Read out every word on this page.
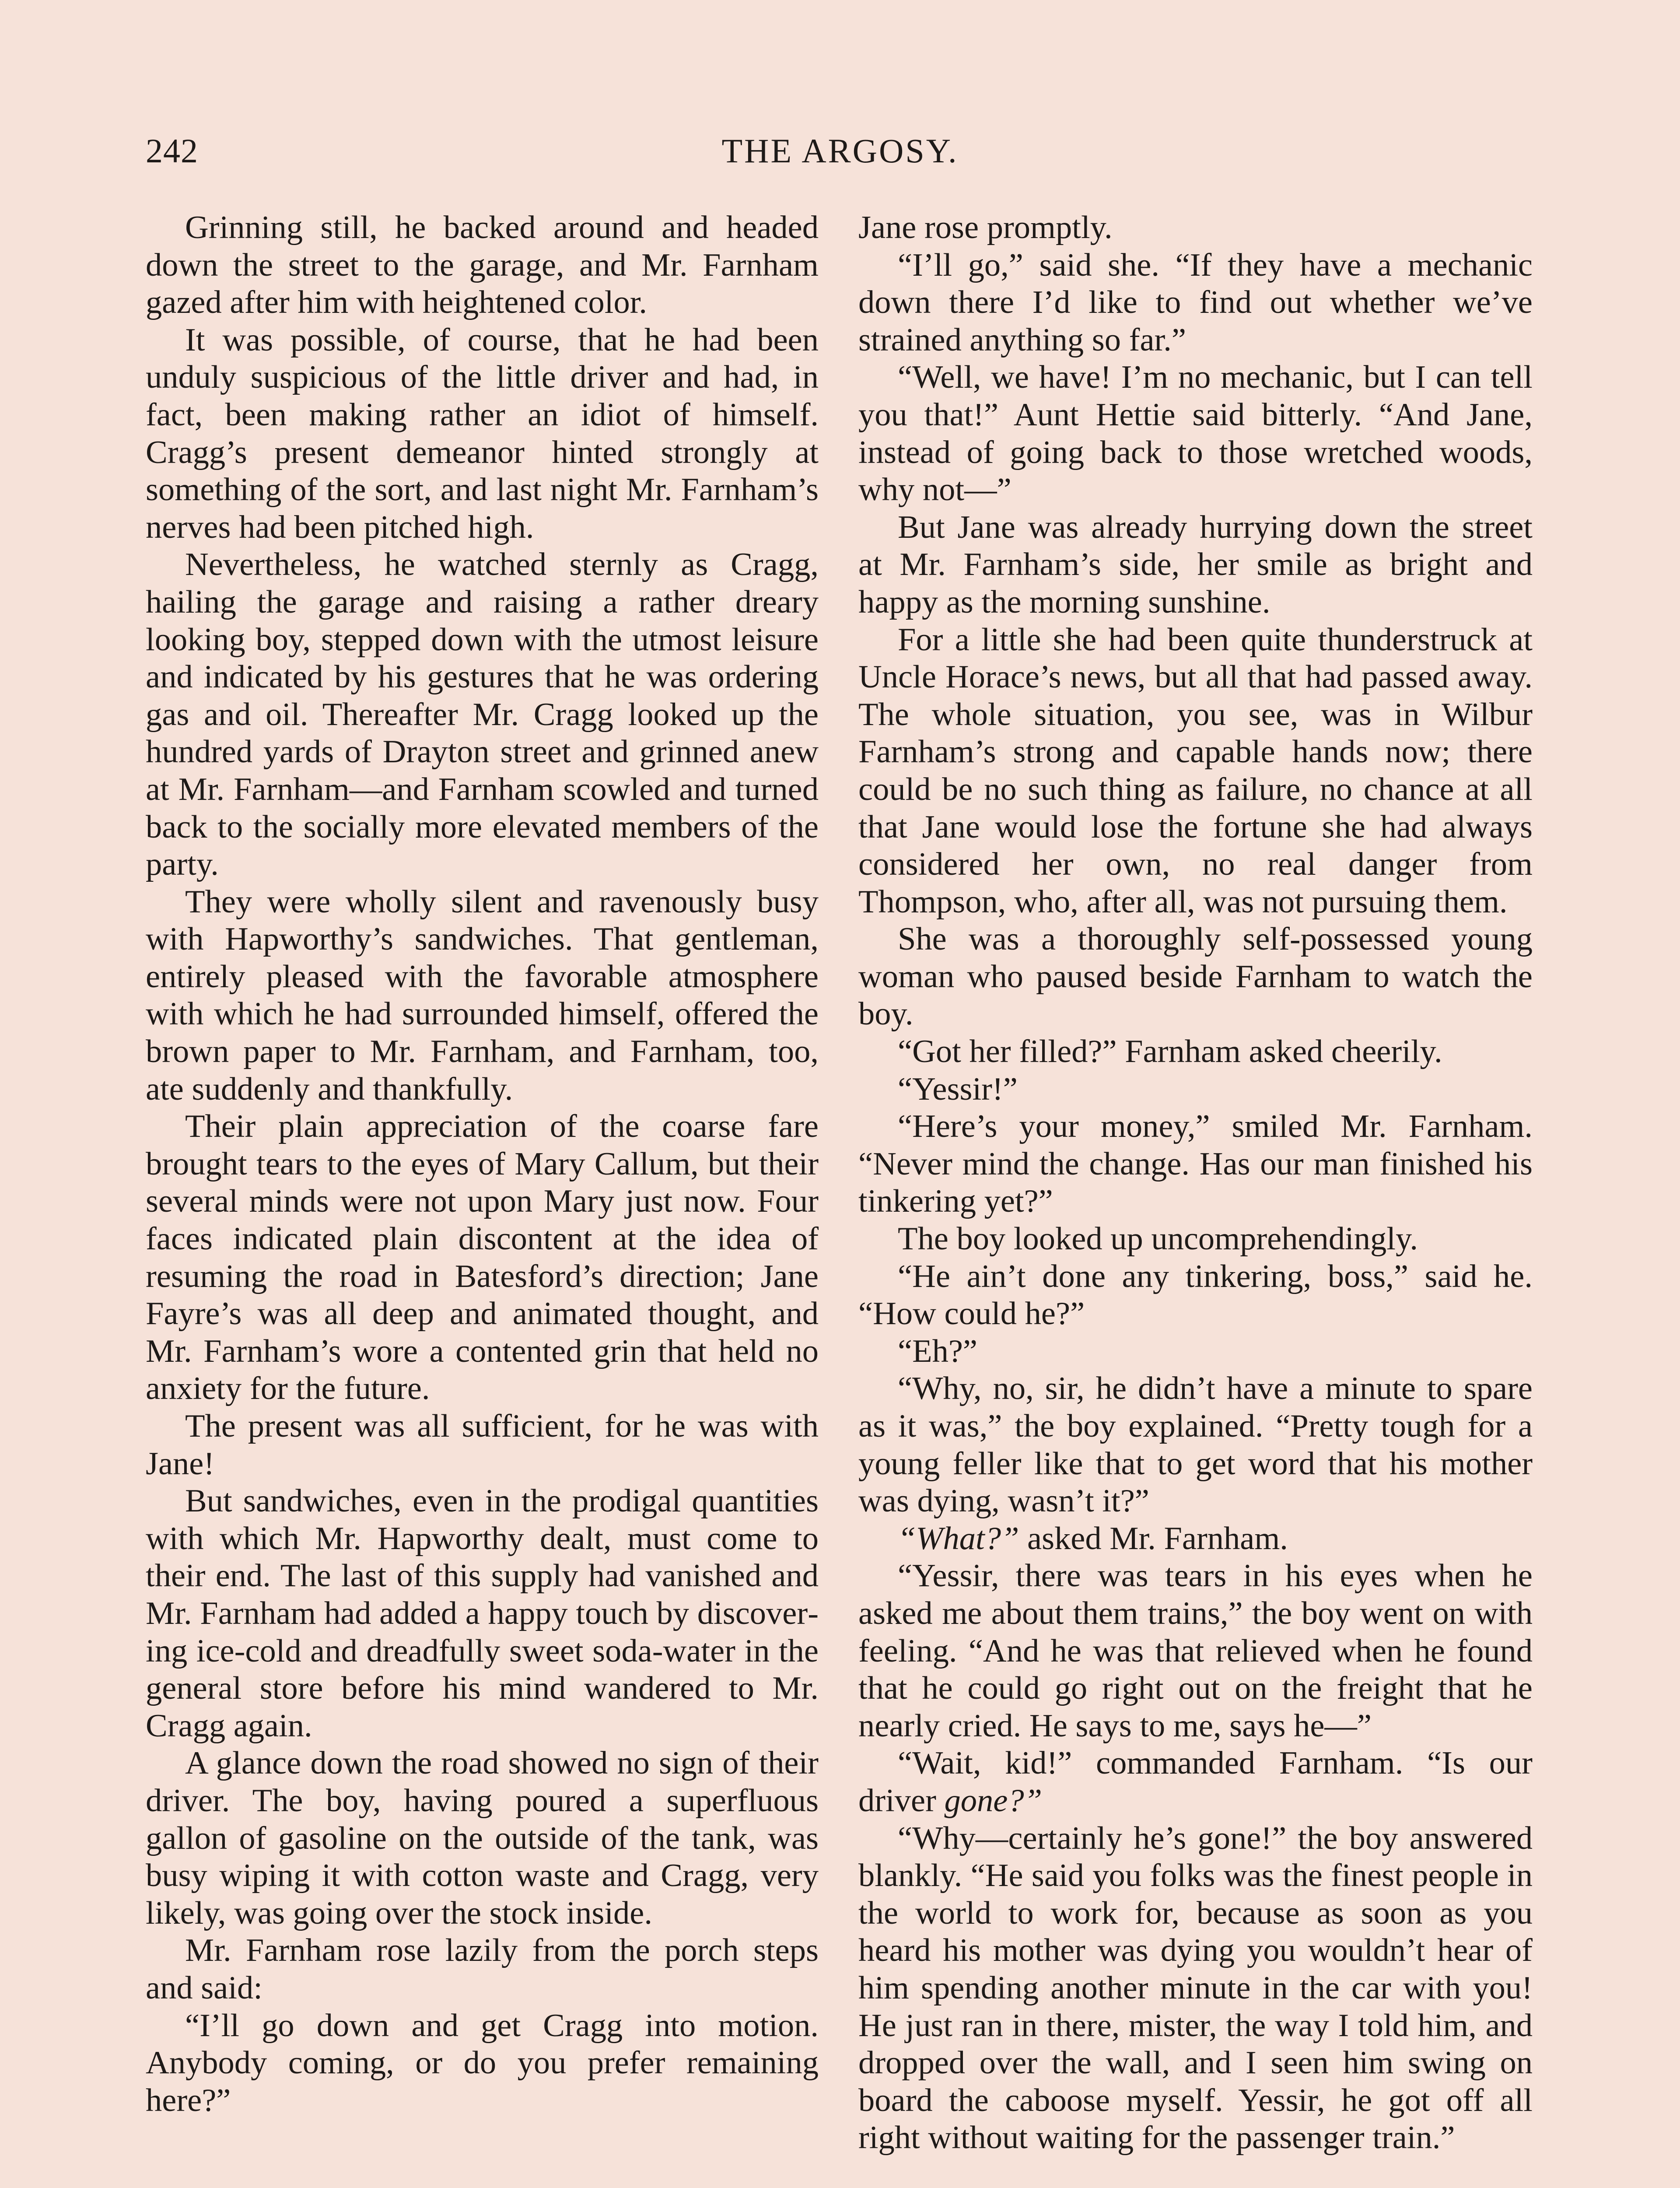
THE ARGOSY.
242

Grinning still, he backed around and headed down the street to the garage, and Mr. Farnham gazed after him with heightened color.

It was possible, of course, that he had been unduly suspicious of the little driver and had, in fact, been making rather an idiot of himself. Cragg’s present demeanor hinted strongly at something of the sort, and last night Mr. Farnham’s nerves had been pitched high.

Nevertheless, he watched sternly as Cragg, hailing the garage and raising a rather dreary looking boy, stepped down with the utmost leisure and indicated by his gestures that he was ordering gas and oil. Thereafter Mr. Cragg looked up the hundred yards of Drayton street and grinned anew at Mr. Farnham—and Farnham scowled and turned back to the socially more elevated members of the party.

They were wholly silent and ravenously busy with Hapworthy’s sandwiches. That gentleman, entirely pleased with the favorable atmosphere with which he had surrounded himself, offered the brown paper to Mr. Farnham, and Farnham, too, ate suddenly and thankfully.

Their plain appreciation of the coarse fare brought tears to the eyes of Mary Callum, but their several minds were not upon Mary just now. Four faces indicated plain discontent at the idea of resuming the road in Batesford’s direction; Jane Fayre’s was all deep and animated thought, and Mr. Farnham’s wore a contented grin that held no anxiety for the future.

The present was all sufficient, for he was with Jane!

But sandwiches, even in the prodigal quantities with which Mr. Hapworthy dealt, must come to their end. The last of this supply had vanished and Mr. Farnham had added a happy touch by discovering ice-cold and dreadfully sweet soda-water in the general store before his mind wandered to Mr. Cragg again.

A glance down the road showed no sign of their driver. The boy, having poured a superfluous gallon of gasoline on the outside of the tank, was busy wiping it with cotton waste and Cragg, very likely, was going over the stock inside.

Mr. Farnham rose lazily from the porch steps and said:

“I’ll go down and get Cragg into motion. Anybody coming, or do you prefer remaining here?”

Jane rose promptly.

“I’ll go,” said she. “If they have a mechanic down there I’d like to find out whether we’ve strained anything so far.”

“Well, we have! I’m no mechanic, but I can tell you that!” Aunt Hettie said bitterly. “And Jane, instead of going back to those wretched woods, why not—”

But Jane was already hurrying down the street at Mr. Farnham’s side, her smile as bright and happy as the morning sunshine.

For a little she had been quite thunderstruck at Uncle Horace’s news, but all that had passed away. The whole situation, you see, was in Wilbur Farnham’s strong and capable hands now; there could be no such thing as failure, no chance at all that Jane would lose the fortune she had always considered her own, no real danger from Thompson, who, after all, was not pursuing them.

She was a thoroughly self-possessed young woman who paused beside Farnham to watch the boy.

“Got her filled?” Farnham asked cheerily.

“Yessir!”

“Here’s your money,” smiled Mr. Farnham. “Never mind the change. Has our man finished his tinkering yet?”

The boy looked up uncomprehendingly.

“He ain’t done any tinkering, boss,” said he. “How could he?”

“Eh?”

“Why, no, sir, he didn’t have a minute to spare as it was,” the boy explained. “Pretty tough for a young feller like that to get word that his mother was dying, wasn’t it?”

“What?” asked Mr. Farnham.

“Yessir, there was tears in his eyes when he asked me about them trains,” the boy went on with feeling. “And he was that relieved when he found that he could go right out on the freight that he nearly cried. He says to me, says he—”

“Wait, kid!” commanded Farnham. “Is our driver gone?”

“Why—certainly he’s gone!” the boy answered blankly. “He said you folks was the finest people in the world to work for, because as soon as you heard his mother was dying you wouldn’t hear of him spending another minute in the car with you! He just ran in there, mister, the way I told him, and dropped over the wall, and I seen him swing on board the caboose myself. Yessir, he got off all right without waiting for the passenger train.”
